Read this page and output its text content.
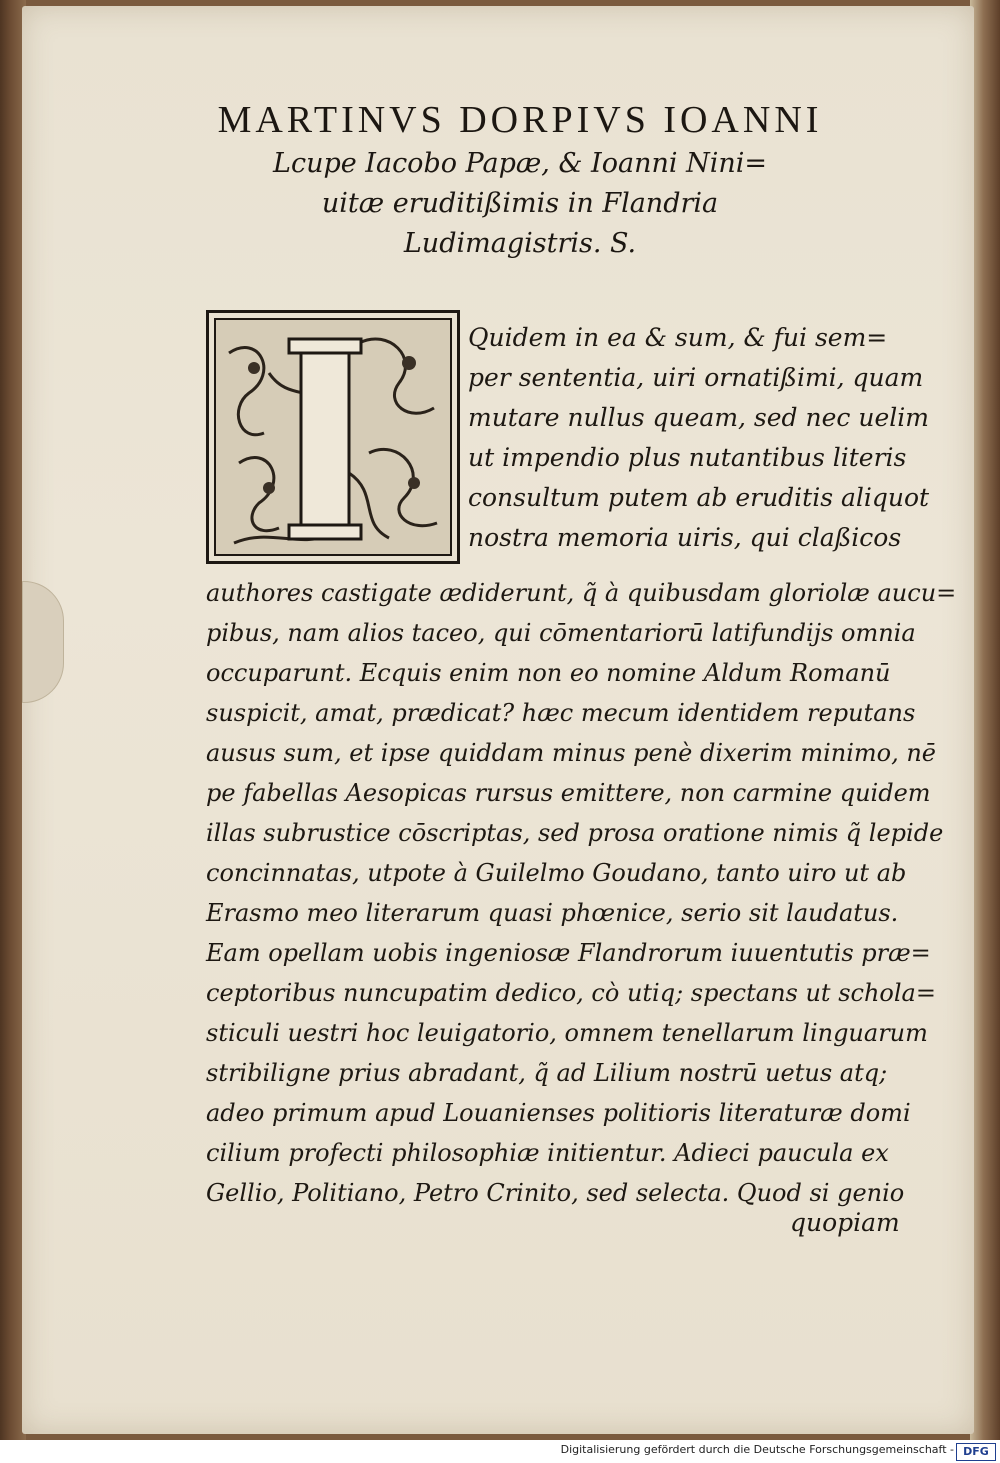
MARTINVS DORPIVS IOANNI
Lcupe Iacobo Papæ, & Ioanni Nini=
uitæ eruditißimis in Flandria
Ludimagistris. S.
Quidem in ea & sum, & fui sem=
per sententia, uiri ornatißimi, quam
mutare nullus queam, sed nec uelim
ut impendio plus nutantibus literis
consultum putem ab eruditis aliquot
nostra memoria uiris, qui claßicos
authores castigate ædiderunt, q̃ à quibusdam gloriolæ aucu=
pibus, nam alios taceo, qui cōmentariorū latifundijs omnia
occuparunt. Ecquis enim non eo nomine Aldum Romanū
suspicit, amat, prædicat? hæc mecum identidem reputans
ausus sum, et ipse quiddam minus penè dixerim minimo, nē
pe fabellas Aesopicas rursus emittere, non carmine quidem
illas subrustice cōscriptas, sed prosa oratione nimis q̃ lepide
concinnatas, utpote à Guilelmo Goudano, tanto uiro ut ab
Erasmo meo literarum quasi phœnice, serio sit laudatus.
Eam opellam uobis ingeniosæ Flandrorum iuuentutis præ=
ceptoribus nuncupatim dedico, cò utiq; spectans ut schola=
sticuli uestri hoc leuigatorio, omnem tenellarum linguarum
stribiligne prius abradant, q̃ ad Lilium nostrū uetus atq;
adeo primum apud Louanienses politioris literaturæ domi
cilium profecti philosophiæ initientur. Adieci paucula ex
Gellio, Politiano, Petro Crinito, sed selecta. Quod si genio
quopiam
Digitalisierung gefördert durch die Deutsche Forschungsgemeinschaft - DFG
